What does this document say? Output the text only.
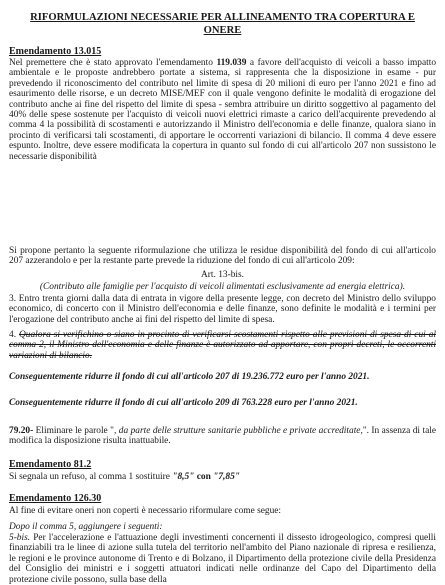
RIFORMULAZIONI NECESSARIE PER ALLINEAMENTO TRA COPERTURA E
ONERE
Emendamento 13.015
Nel premettere che è stato approvato l'emendamento 119.039 a favore dell'acquisto di veicoli a basso impatto ambientale e le proposte andrebbero portate a sistema, si rappresenta che la disposizione in esame - pur prevedendo il riconoscimento del contributo nel limite di spesa di 20 milioni di euro per l'anno 2021 e fino ad esaurimento delle risorse, e un decreto MISE/MEF con il quale vengono definite le modalità di erogazione del contributo anche ai fine del rispetto del limite di spesa - sembra attribuire un diritto soggettivo al pagamento del 40% delle spese sostenute per l'acquisto di veicoli nuovi elettrici rimaste a carico dell'acquirente prevedendo al comma 4 la possibilità di scostamenti e autorizzando il Ministro dell'economia e delle finanze, qualora siano in procinto di verificarsi tali scostamenti, di apportare le occorrenti variazioni di bilancio. Il comma 4 deve essere espunto. Inoltre, deve essere modificata la copertura in quanto sul fondo di cui all'articolo 207 non sussistono le necessarie disponibilità
Si propone pertanto la seguente riformulazione che utilizza le residue disponibilità del fondo di cui all'articolo 207 azzerandolo e per la restante parte prevede la riduzione del fondo di cui all'articolo 209:
Art. 13-bis.
(Contributo alle famiglie per l'acquisto di veicoli alimentati esclusivamente ad energia elettrica).
3. Entro trenta giorni dalla data di entrata in vigore della presente legge, con decreto del Ministro dello sviluppo economico, di concerto con il Ministro dell'economia e delle finanze, sono definite le modalità e i termini per l'erogazione del contributo anche ai fini del rispetto del limite di spesa.
4. Qualora si verifichino o siano in procinto di verificarsi scostamenti rispetto alle previsioni di spesa di cui al comma 2, il Ministro dell'economia e delle finanze è autorizzato ad apportare, con propri decreti, le occorrenti variazioni di bilancio.
Conseguentemente ridurre il fondo di cui all'articolo 207 di 19.236.772 euro per l'anno 2021.
Conseguentemente ridurre il fondo di cui all'articolo 209 di 763.228 euro per l'anno 2021.
79.20- Eliminare le parole ", da parte delle strutture sanitarie pubbliche e private accreditate,". In assenza di tale modifica la disposizione risulta inattuabile.
Emendamento 81.2
Si segnala un refuso, al comma 1 sostituire "8,5" con "7,85"
Emendamento 126.30
Al fine di evitare oneri non coperti è necessario riformulare come segue:
Dopo il comma 5, aggiungere i seguenti:
5-bis. Per l'accelerazione e l'attuazione degli investimenti concernenti il dissesto idrogeologico, compresi quelli finanziabili tra le linee di azione sulla tutela del territorio nell'ambito del Piano nazionale di ripresa e resilienza, le regioni e le province autonome di Trento e di Bolzano, il Dipartimento della protezione civile della Presidenza del Consiglio dei ministri e i soggetti attuatori indicati nelle ordinanze del Capo del Dipartimento della protezione civile possono, sulla base della
